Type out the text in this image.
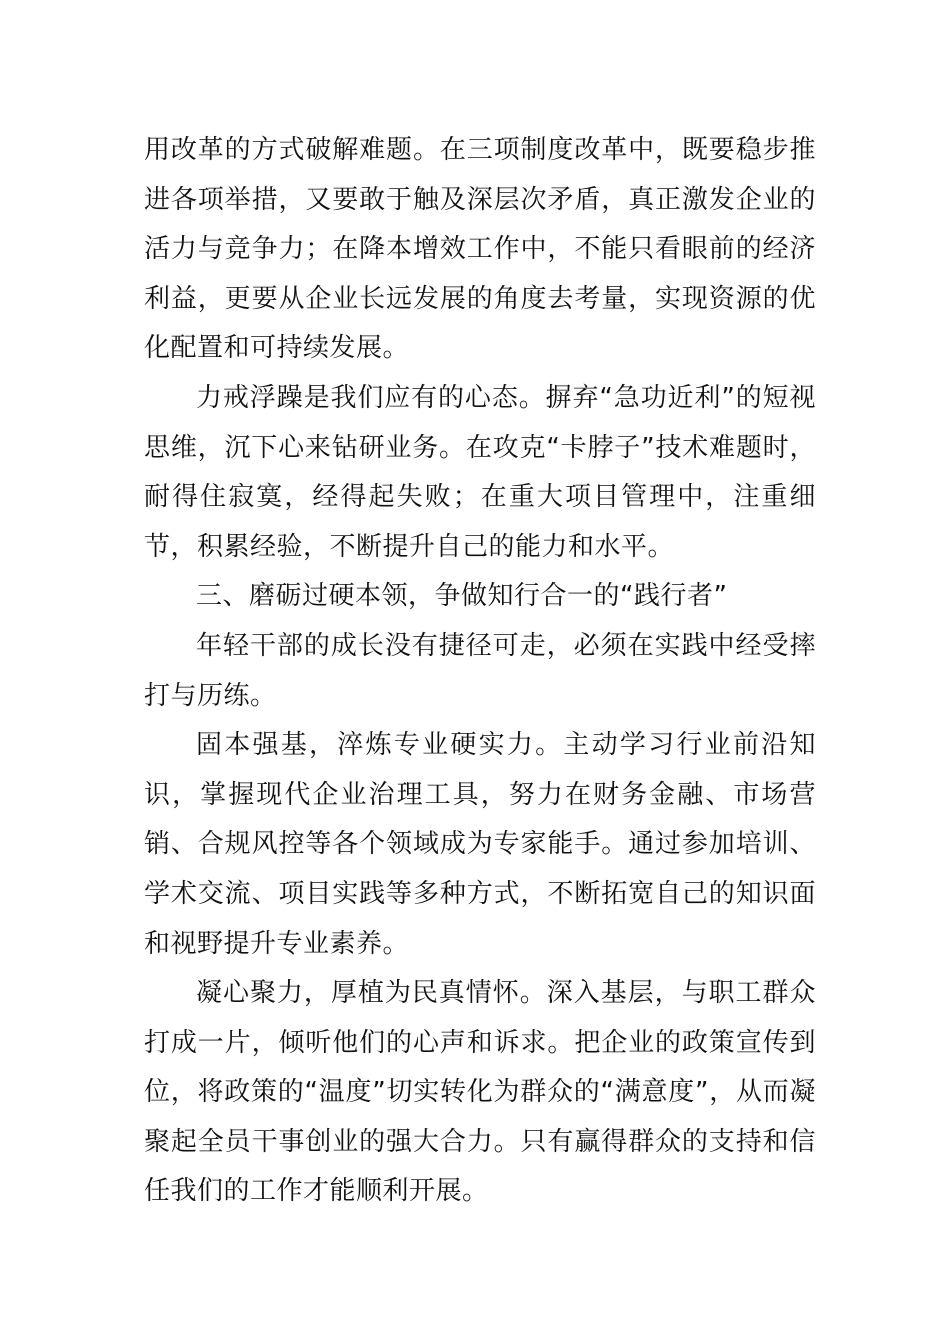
用改革的方式破解难题。在三项制度改革中，既要稳步推进各项举措，又要敢于触及深层次矛盾，真正激发企业的活力与竞争力；在降本增效工作中，不能只看眼前的经济利益，更要从企业长远发展的角度去考量，实现资源的优化配置和可持续发展。

力戒浮躁是我们应有的心态。摒弃“急功近利”的短视思维，沉下心来钻研业务。在攻克“卡脖子”技术难题时，耐得住寂寞，经得起失败；在重大项目管理中，注重细节，积累经验，不断提升自己的能力和水平。

三、磨砺过硬本领，争做知行合一的“践行者”

年轻干部的成长没有捷径可走，必须在实践中经受摔打与历练。

固本强基，淬炼专业硬实力。主动学习行业前沿知识，掌握现代企业治理工具，努力在财务金融、市场营销、合规风控等各个领域成为专家能手。通过参加培训、学术交流、项目实践等多种方式，不断拓宽自己的知识面和视野提升专业素养。

凝心聚力，厚植为民真情怀。深入基层，与职工群众打成一片，倾听他们的心声和诉求。把企业的政策宣传到位，将政策的“温度”切实转化为群众的“满意度”，从而凝聚起全员干事创业的强大合力。只有赢得群众的支持和信任我们的工作才能顺利开展。
